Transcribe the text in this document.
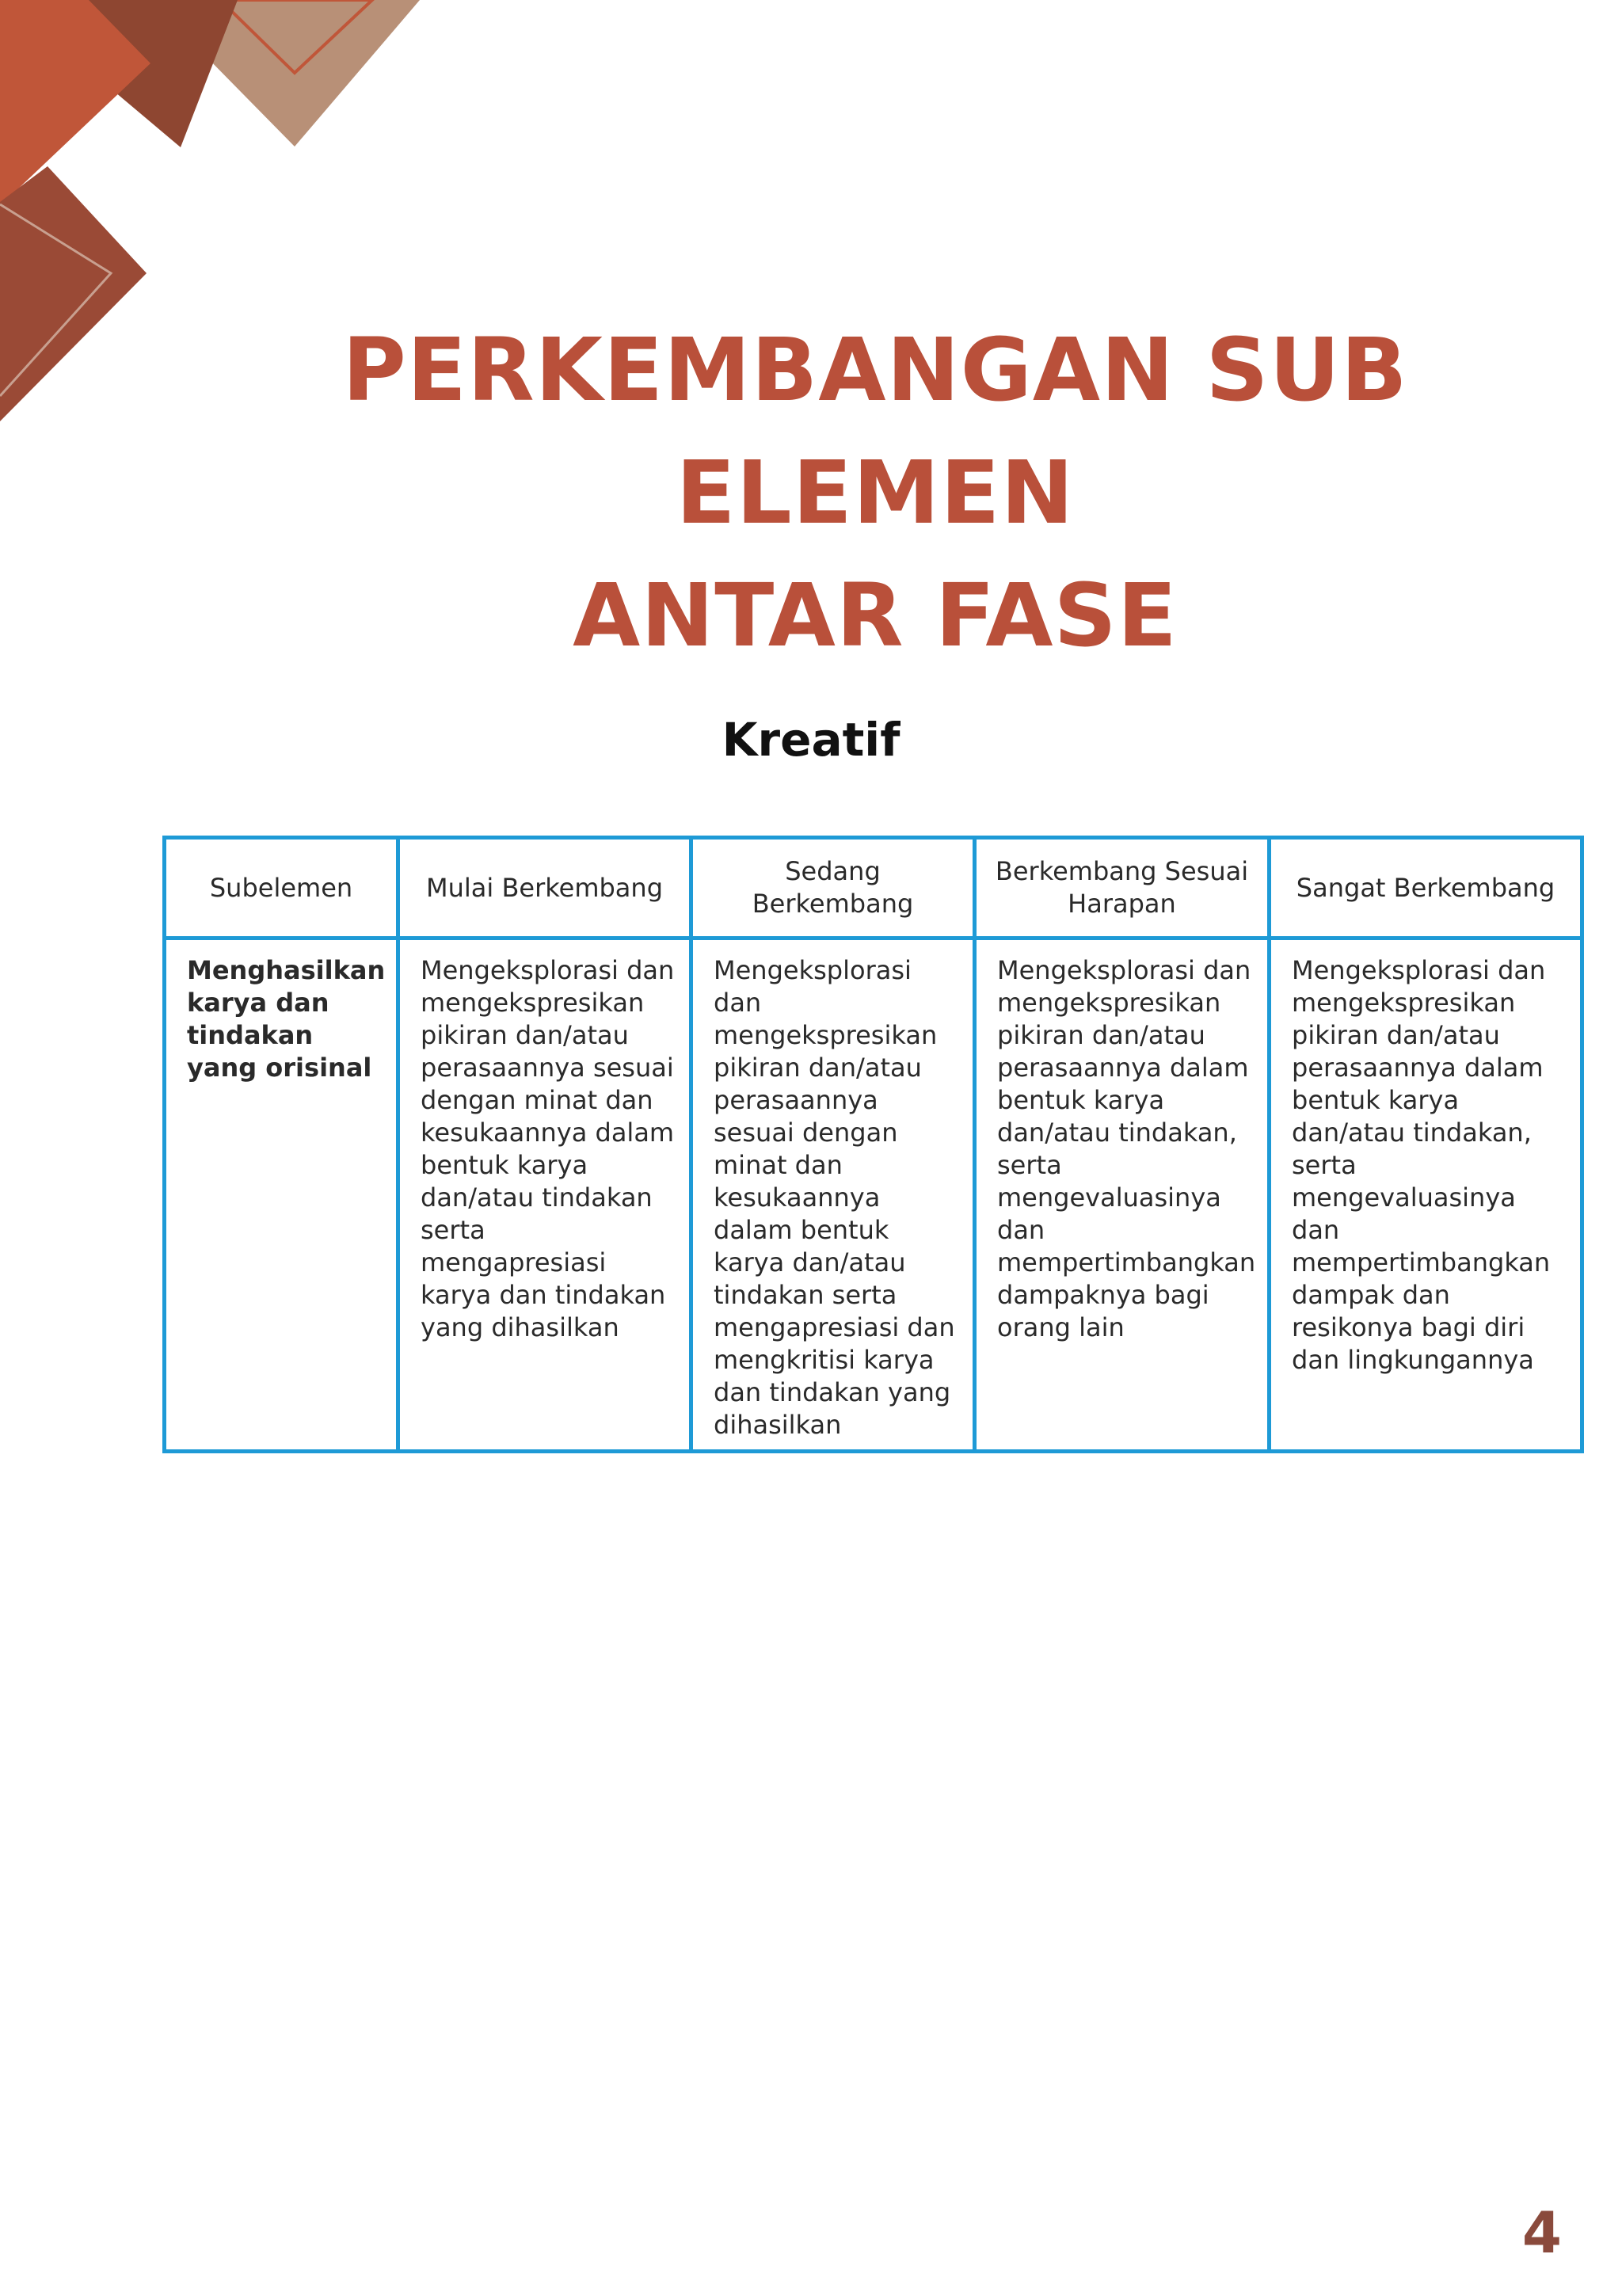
PERKEMBANGAN SUB ELEMEN
ANTAR FASE
Kreatif
Subelemen	Mulai Berkembang	Sedang Berkembang	Berkembang Sesuai Harapan	Sangat Berkembang
Menghasilkan karya dan tindakan yang orisinal	Mengeksplorasi dan mengekspresikan pikiran dan/atau perasaannya sesuai dengan minat dan kesukaannya dalam bentuk karya dan/atau tindakan serta mengapresiasi karya dan tindakan yang dihasilkan	Mengeksplorasi dan mengekspresikan pikiran dan/atau perasaannya sesuai dengan minat dan kesukaannya dalam bentuk karya dan/atau tindakan serta mengapresiasi dan mengkritisi karya dan tindakan yang dihasilkan	Mengeksplorasi dan mengekspresikan pikiran dan/atau perasaannya dalam bentuk karya dan/atau tindakan, serta mengevaluasinya dan mempertimbangkan dampaknya bagi orang lain	Mengeksplorasi dan mengekspresikan pikiran dan/atau perasaannya dalam bentuk karya dan/atau tindakan, serta mengevaluasinya dan mempertimbangkan dampak dan resikonya bagi diri dan lingkungannya
4
